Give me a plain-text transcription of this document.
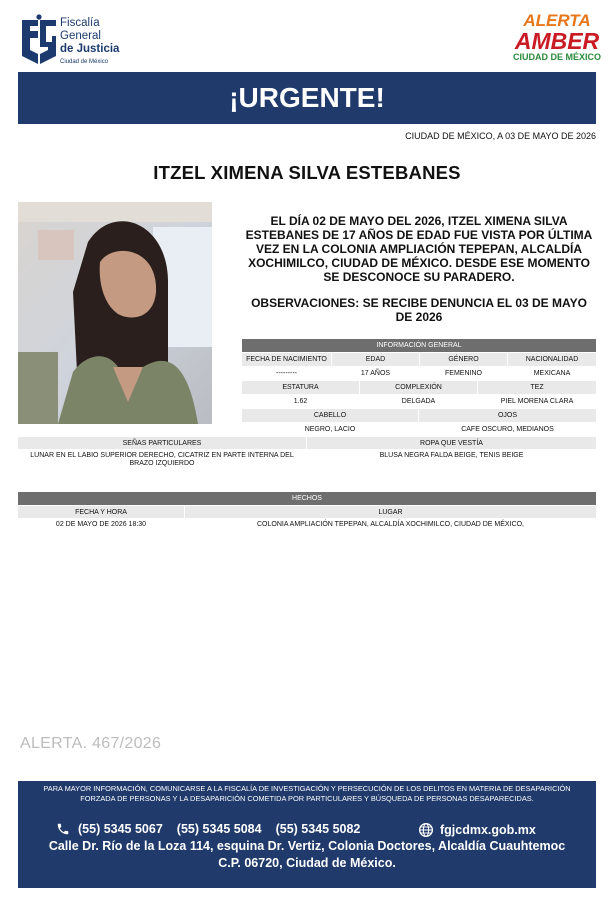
Fiscalía
General
de Justicia
Ciudad de México
ALERTA
AMBER
CIUDAD DE MÉXICO
¡URGENTE!
CIUDAD DE MÉXICO, A 03 DE MAYO DE 2026
ITZEL XIMENA SILVA ESTEBANES
EL DÍA 02 DE MAYO DEL 2026, ITZEL XIMENA SILVA ESTEBANES DE 17 AÑOS DE EDAD FUE VISTA POR ÚLTIMA VEZ EN LA COLONIA AMPLIACIÓN TEPEPAN, ALCALDÍA XOCHIMILCO, CIUDAD DE MÉXICO. DESDE ESE MOMENTO SE DESCONOCE SU PARADERO.
OBSERVACIONES: SE RECIBE DENUNCIA EL 03 DE MAYO DE 2026
INFORMACIÓN GENERAL
FECHA DE NACIMIENTO	EDAD	GÉNERO	NACIONALIDAD
---------	17 AÑOS	FEMENINO	MEXICANA
ESTATURA	COMPLEXIÓN	TEZ
1.62	DELGADA	PIEL MORENA CLARA
CABELLO	OJOS
NEGRO, LACIO	CAFE OSCURO, MEDIANOS
SEÑAS PARTICULARES	ROPA QUE VESTÍA
LUNAR EN EL LABIO SUPERIOR DERECHO, CICATRIZ EN PARTE INTERNA DEL BRAZO IZQUIERDO
BLUSA NEGRA FALDA BEIGE, TENIS BEIGE
HECHOS
FECHA Y HORA	LUGAR
02 DE MAYO DE 2026 18:30	COLONIA AMPLIACIÓN TEPEPAN, ALCALDÍA XOCHIMILCO, CIUDAD DE MÉXICO,
ALERTA. 467/2026
PARA MAYOR INFORMACIÓN, COMUNICARSE A LA FISCALÍA DE INVESTIGACIÓN Y PERSECUCIÓN DE LOS DELITOS EN MATERIA DE DESAPARICIÓN FORZADA DE PERSONAS Y LA DESAPARICIÓN COMETIDA POR PARTICULARES Y BÚSQUEDA DE PERSONAS DESAPARECIDAS.
(55) 5345 5067 (55) 5345 5084 (55) 5345 5082	fgjcdmx.gob.mx
Calle Dr. Río de la Loza 114, esquina Dr. Vertiz, Colonia Doctores, Alcaldía Cuauhtemoc
C.P. 06720, Ciudad de México.
